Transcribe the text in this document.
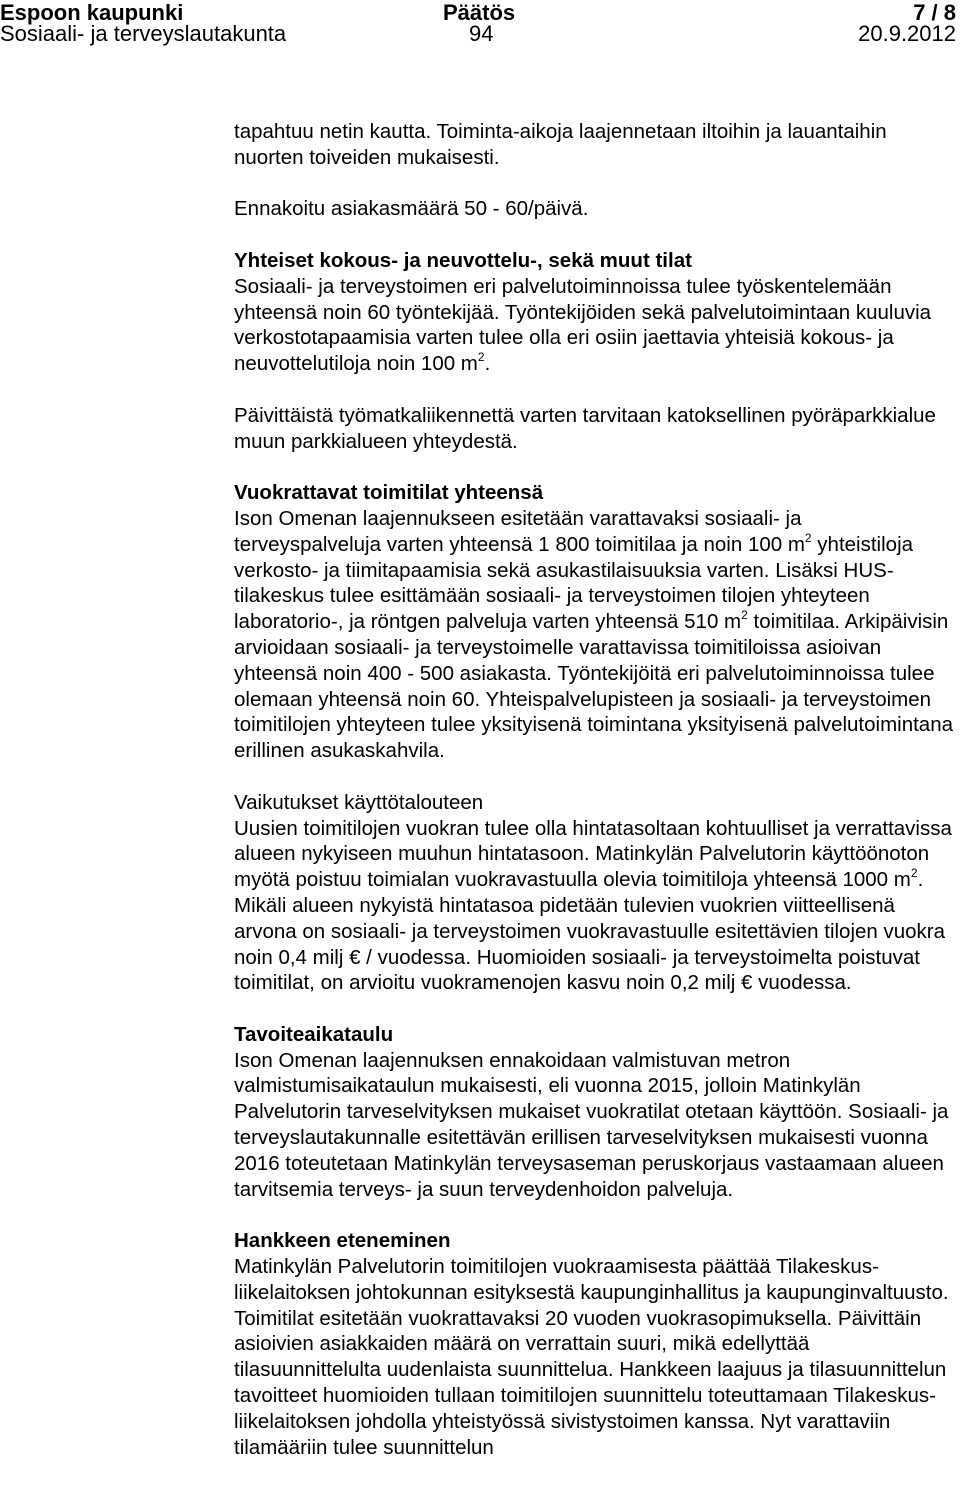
Espoon kaupunki	Päätös	7 / 8
Sosiaali- ja terveyslautakunta	94	20.9.2012

tapahtuu netin kautta. Toiminta-aikoja laajennetaan iltoihin ja lauantaihin nuorten toiveiden mukaisesti.

Ennakoitu asiakasmäärä 50 - 60/päivä.

Yhteiset kokous- ja neuvottelu-, sekä muut tilat

Sosiaali- ja terveystoimen eri palvelutoiminnoissa tulee työskentelemään yhteensä noin 60 työntekijää. Työntekijöiden sekä palvelutoimintaan kuuluvia verkostotapaamisia varten tulee olla eri osiin jaettavia yhteisiä kokous- ja neuvottelutiloja noin 100 $m^2$.

Päivittäistä työmatkaliikennettä varten tarvitaan katoksellinen pyöräparkkialue muun parkkialueen yhteydestä.

Vuokrattavat toimitilat yhteensä

Ison Omenan laajennukseen esitetään varattavaksi sosiaali- ja terveyspalveluja varten yhteensä 1 800 toimitilaa ja noin 100 $m^2$ yhteistiloja verkosto- ja tiimitapaamisia sekä asukastilaisuuksia varten. Lisäksi HUS-tilakeskus tulee esittämään sosiaali- ja terveystoimen tilojen yhteyteen laboratorio-, ja röntgen palveluja varten yhteensä 510 $m^2$ toimitilaa. Arkipäivisin arvioidaan sosiaali- ja terveystoimelle varattavissa toimitiloissa asioivan yhteensä noin 400 - 500 asiakasta. Työntekijöitä eri palvelutoiminnoissa tulee olemaan yhteensä noin 60. Yhteispalvelupisteen ja sosiaali- ja terveystoimen toimitilojen yhteyteen tulee yksityisenä toimintana yksityisenä palvelutoimintana erillinen asukaskahvila.

Vaikutukset käyttötalouteen

Uusien toimitilojen vuokran tulee olla hintatasoltaan kohtuulliset ja verrattavissa alueen nykyiseen muuhun hintatasoon. Matinkylän Palvelutorin käyttöönoton myötä poistuu toimialan vuokravastuulla olevia toimitiloja yhteensä 1000 $m^2$. Mikäli alueen nykyistä hintatasoa pidetään tulevien vuokrien viitteellisenä arvona on sosiaali- ja terveystoimen vuokravastuulle esitettävien tilojen vuokra noin 0,4 milj € / vuodessa. Huomioiden sosiaali- ja terveystoimelta poistuvat toimitilat, on arvioitu vuokramenojen kasvu noin 0,2 milj € vuodessa.

Tavoiteaikataulu

Ison Omenan laajennuksen ennakoidaan valmistuvan metron valmistumisaikataulun mukaisesti, eli vuonna 2015, jolloin Matinkylän Palvelutorin tarveselvityksen mukaiset vuokratilat otetaan käyttöön. Sosiaali- ja terveyslautakunnalle esitettävän erillisen tarveselvityksen mukaisesti vuonna 2016 toteutetaan Matinkylän terveysaseman peruskorjaus vastaamaan alueen tarvitsemia terveys- ja suun terveydenhoidon palveluja.

Hankkeen eteneminen

Matinkylän Palvelutorin toimitilojen vuokraamisesta päättää Tilakeskus-liikelaitoksen johtokunnan esityksestä kaupunginhallitus ja kaupunginvaltuusto. Toimitilat esitetään vuokrattavaksi 20 vuoden vuokrasopimuksella. Päivittäin asioivien asiakkaiden määrä on verrattain suuri, mikä edellyttää tilasuunnittelulta uudenlaista suunnittelua. Hankkeen laajuus ja tilasuunnittelun tavoitteet huomioiden tullaan toimitilojen suunnittelu toteuttamaan Tilakeskus-liikelaitoksen johdolla yhteistyössä sivistystoimen kanssa. Nyt varattaviin tilamääriin tulee suunnittelun
